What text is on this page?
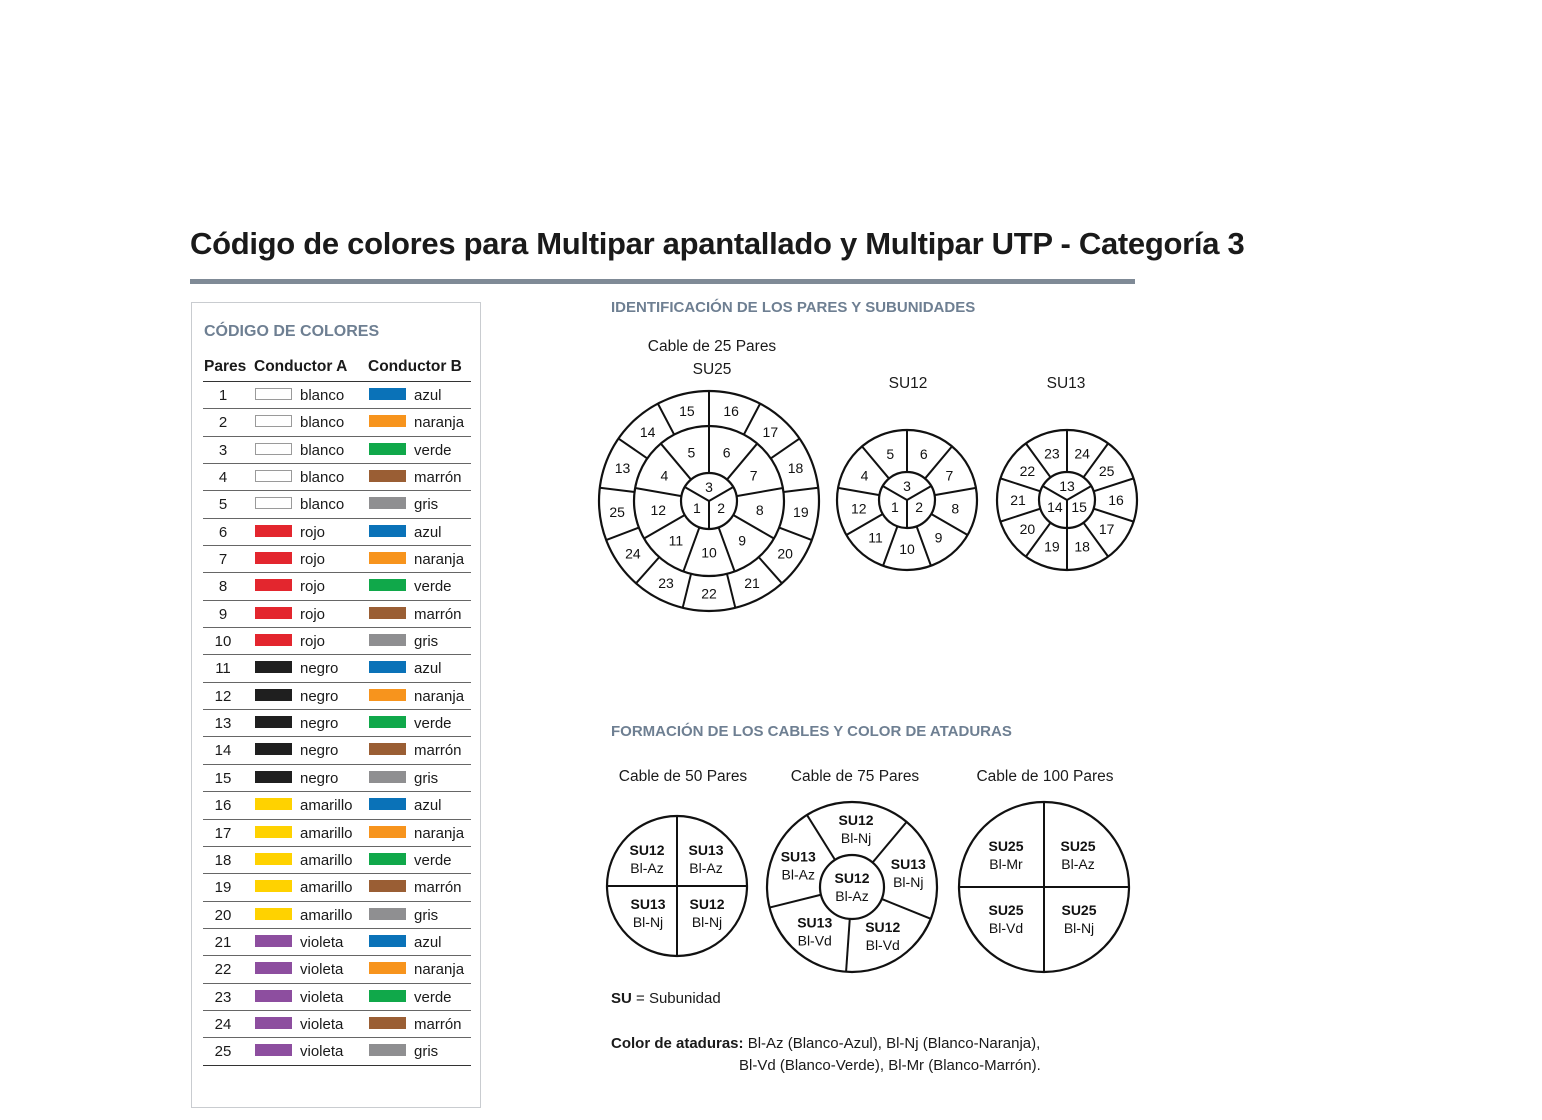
Código de colores para Multipar apantallado y Multipar UTP - Categoría 3
CÓDIGO DE COLORES
Pares Conductor A Conductor B
1	blanco	azul
2	blanco	naranja
3	blanco	verde
4	blanco	marrón
5	blanco	gris
6	rojo	azul
7	rojo	naranja
8	rojo	verde
9	rojo	marrón
10	rojo	gris
11	negro	azul
12	negro	naranja
13	negro	verde
14	negro	marrón
15	negro	gris
16	amarillo	azul
17	amarillo	naranja
18	amarillo	verde
19	amarillo	marrón
20	amarillo	gris
21	violeta	azul
22	violeta	naranja
23	violeta	verde
24	violeta	marrón
25	violeta	gris
IDENTIFICACIÓN DE LOS PARES Y SUBUNIDADES
Cable de 25 Pares
SU25
SU12	SU13
16
17
18
19
20
21
22
23
24
25
13
14
15
6
7
8
9
10
11
12
4
5
3
2
1
6
7
8
9
10
11
12
4
5
3
2
1
24
25
16
17
18
19
20
21
22
23
13
15
14
FORMACIÓN DE LOS CABLES Y COLOR DE ATADURAS
Cable de 50 Pares	Cable de 75 Pares	Cable de 100 Pares
SU12
Bl-Az
SU13
Bl-Az
SU13
Bl-Nj
SU12
Bl-Nj
SU12
Bl-Az
SU12
Bl-Nj
SU13
Bl-Nj
SU12
Bl-Vd
SU13
Bl-Vd
SU13
Bl-Az
SU25
Bl-Mr
SU25
Bl-Az
SU25
Bl-Vd
SU25
Bl-Nj
SU = Subunidad
Color de ataduras: Bl-Az (Blanco-Azul), Bl-Nj (Blanco-Naranja),
Bl-Vd (Blanco-Verde), Bl-Mr (Blanco-Marrón).
